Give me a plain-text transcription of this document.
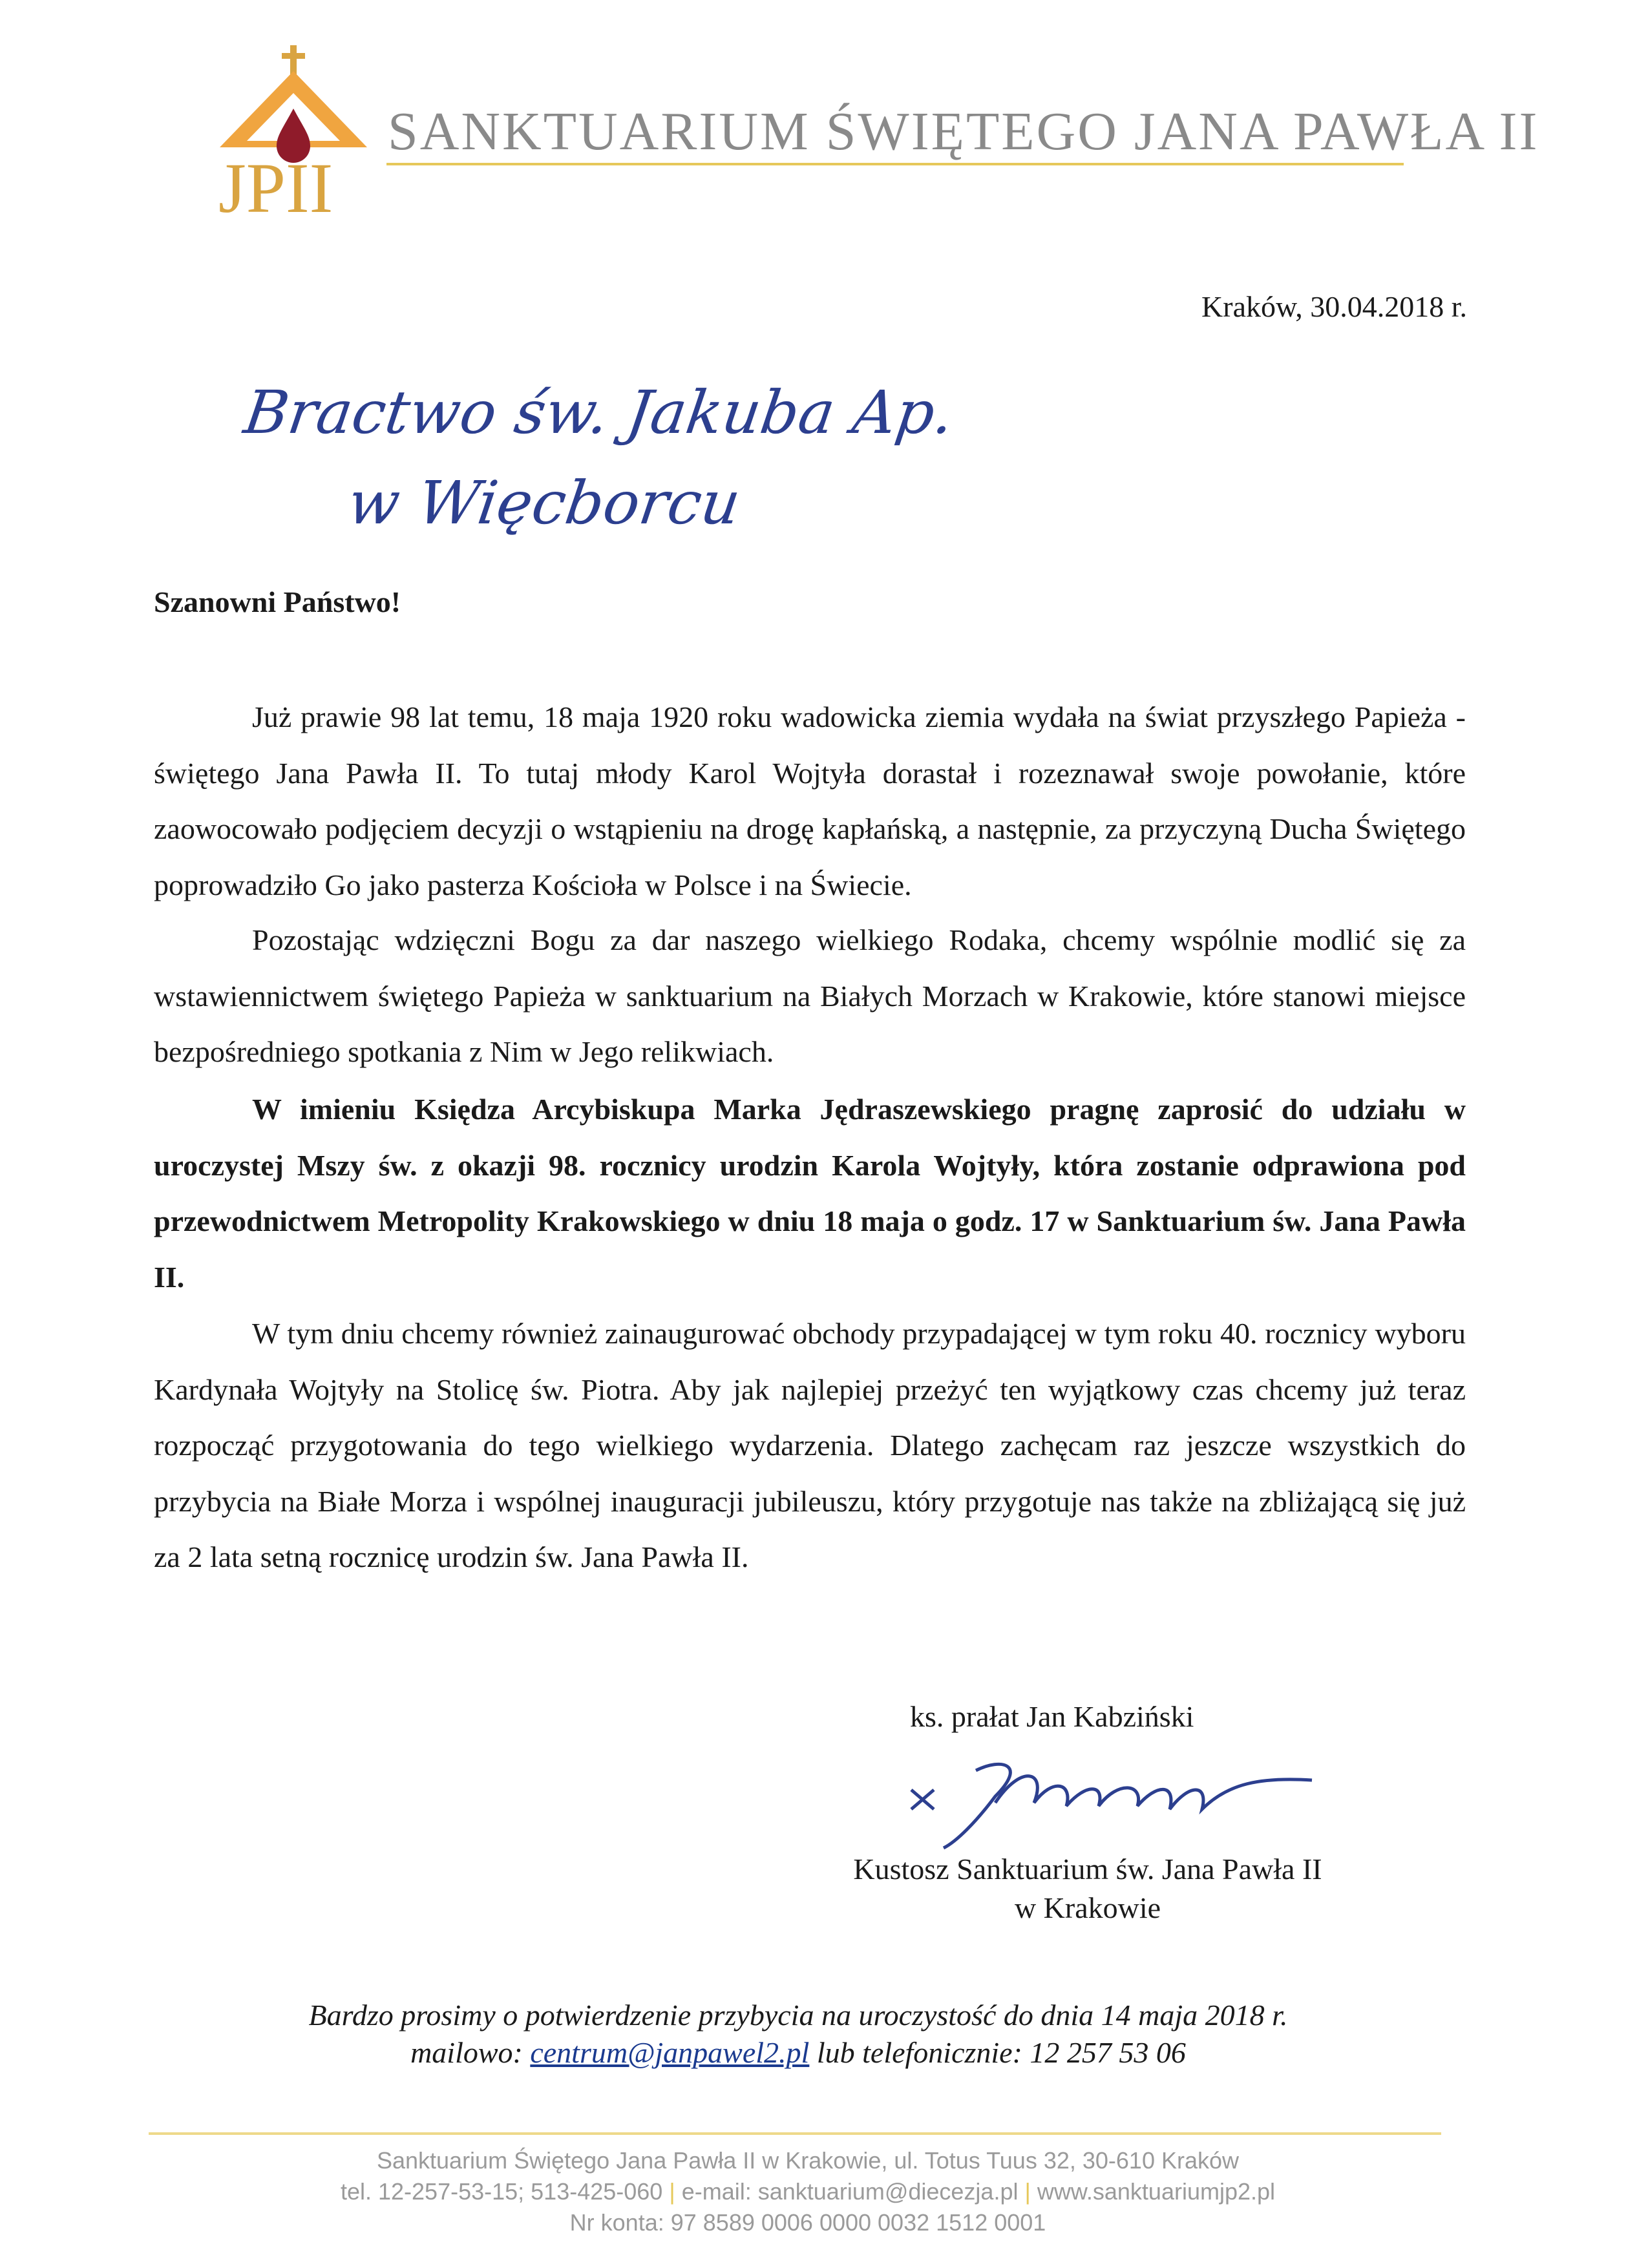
JPII
SANKTUARIUM ŚWIĘTEGO JANA PAWŁA II
Kraków, 30.04.2018 r.
Bractwo św. Jakuba Ap.
w Więcborcu
Szanowni Państwo!

Już prawie 98 lat temu, 18 maja 1920 roku wadowicka ziemia wydała na świat przyszłego Papieża - świętego Jana Pawła II. To tutaj młody Karol Wojtyła dorastał i rozeznawał swoje powołanie, które zaowocowało podjęciem decyzji o wstąpieniu na drogę kapłańską, a następnie, za przyczyną Ducha Świętego poprowadziło Go jako pasterza Kościoła w Polsce i na Świecie.

Pozostając wdzięczni Bogu za dar naszego wielkiego Rodaka, chcemy wspólnie modlić się za wstawiennictwem świętego Papieża w sanktuarium na Białych Morzach w Krakowie, które stanowi miejsce bezpośredniego spotkania z Nim w Jego relikwiach.

W imieniu Księdza Arcybiskupa Marka Jędraszewskiego pragnę zaprosić do udziału w uroczystej Mszy św. z okazji 98. rocznicy urodzin Karola Wojtyły, która zostanie odprawiona pod przewodnictwem Metropolity Krakowskiego w dniu 18 maja o godz. 17 w Sanktuarium św. Jana Pawła II.

W tym dniu chcemy również zainaugurować obchody przypadającej w tym roku 40. rocznicy wyboru Kardynała Wojtyły na Stolicę św. Piotra. Aby jak najlepiej przeżyć ten wyjątkowy czas chcemy już teraz rozpocząć przygotowania do tego wielkiego wydarzenia. Dlatego zachęcam raz jeszcze wszystkich do przybycia na Białe Morza i wspólnej inauguracji jubileuszu, który przygotuje nas także na zbliżającą się już za 2 lata setną rocznicę urodzin św. Jana Pawła II.

ks. prałat Jan Kabziński
Kustosz Sanktuarium św. Jana Pawła II
w Krakowie
Bardzo prosimy o potwierdzenie przybycia na uroczystość do dnia 14 maja 2018 r.
mailowo: centrum@janpawel2.pl lub telefonicznie: 12 257 53 06
Sanktuarium Świętego Jana Pawła II w Krakowie, ul. Totus Tuus 32, 30-610 Kraków
tel. 12-257-53-15; 513-425-060 | e-mail: sanktuarium@diecezja.pl | www.sanktuariumjp2.pl
Nr konta: 97 8589 0006 0000 0032 1512 0001
